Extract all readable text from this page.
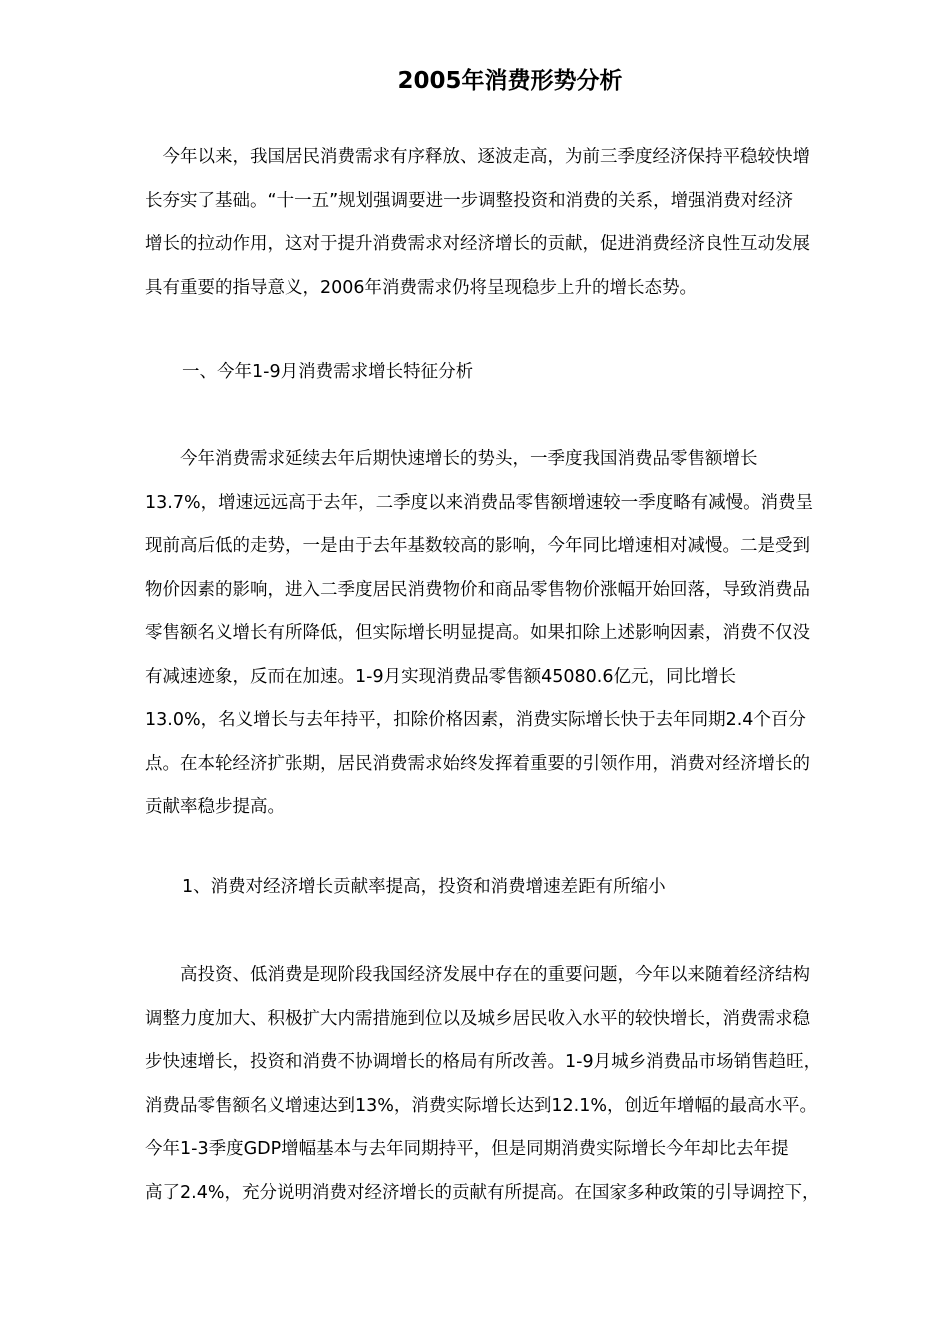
2005年消费形势分析
　今年以来，我国居民消费需求有序释放、逐波走高，为前三季度经济保持平稳较快增
长夯实了基础。“十一五”规划强调要进一步调整投资和消费的关系，增强消费对经济
增长的拉动作用，这对于提升消费需求对经济增长的贡献，促进消费经济良性互动发展
具有重要的指导意义，2006年消费需求仍将呈现稳步上升的增长态势。
一、今年1-9月消费需求增长特征分析
　　今年消费需求延续去年后期快速增长的势头，一季度我国消费品零售额增长
13.7%，增速远远高于去年，二季度以来消费品零售额增速较一季度略有减慢。消费呈
现前高后低的走势，一是由于去年基数较高的影响，今年同比增速相对减慢。二是受到
物价因素的影响，进入二季度居民消费物价和商品零售物价涨幅开始回落，导致消费品
零售额名义增长有所降低，但实际增长明显提高。如果扣除上述影响因素，消费不仅没
有减速迹象，反而在加速。1-9月实现消费品零售额45080.6亿元，同比增长
13.0%，名义增长与去年持平，扣除价格因素，消费实际增长快于去年同期2.4个百分
点。在本轮经济扩张期，居民消费需求始终发挥着重要的引领作用，消费对经济增长的
贡献率稳步提高。
1、消费对经济增长贡献率提高，投资和消费增速差距有所缩小
　　高投资、低消费是现阶段我国经济发展中存在的重要问题，今年以来随着经济结构
调整力度加大、积极扩大内需措施到位以及城乡居民收入水平的较快增长，消费需求稳
步快速增长，投资和消费不协调增长的格局有所改善。1-9月城乡消费品市场销售趋旺，
消费品零售额名义增速达到13%，消费实际增长达到12.1%，创近年增幅的最高水平。
今年1-3季度GDP增幅基本与去年同期持平，但是同期消费实际增长今年却比去年提
高了2.4%，充分说明消费对经济增长的贡献有所提高。在国家多种政策的引导调控下，
